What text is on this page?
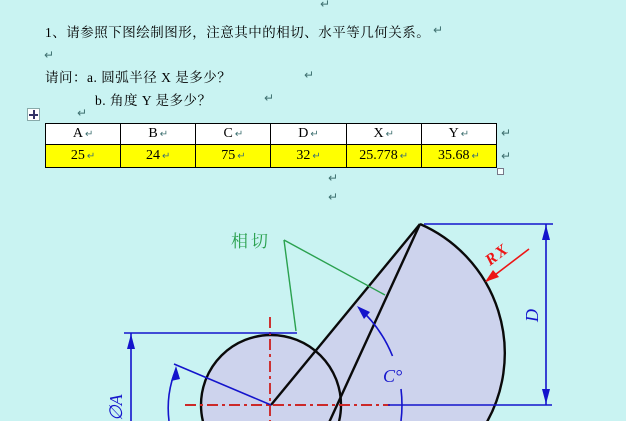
↵
↵
↵
↵
↵
↵
↵
↵
↵
↵
1、请参照下图绘制图形，注意其中的相切、水平等几何关系。
请问：a. 圆弧半径 X 是多少？
b. 角度 Y 是多少？
A ↵	B ↵	C ↵	D ↵	X ↵	Y ↵
25 ↵	24 ↵	75 ↵	32 ↵	25.778 ↵	35.68 ↵
∅A
C°
D
RX
相切
